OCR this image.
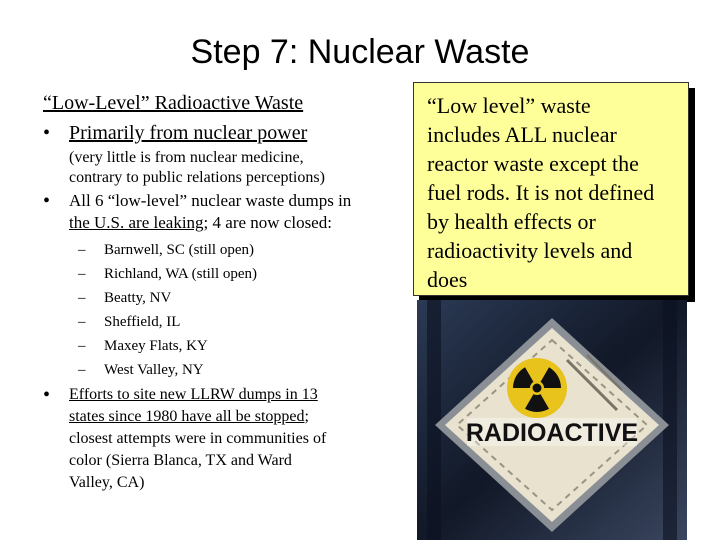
Step 7: Nuclear Waste
“Low-Level” Radioactive Waste
• Primarily from nuclear power
(very little is from nuclear medicine,
contrary to public relations perceptions)
• All 6 “low-level” nuclear waste dumps in
the U.S. are leaking; 4 are now closed:
– Barnwell, SC (still open)
– Richland, WA (still open)
– Beatty, NV
– Sheffield, IL
– Maxey Flats, KY
– West Valley, NY
• Efforts to site new LLRW dumps in 13
states since 1980 have all be stopped;
closest attempts were in communities of
color (Sierra Blanca, TX and Ward
Valley, CA)
“Low level” waste
includes ALL nuclear
reactor waste except the
fuel rods. It is not defined
by health effects or
radioactivity levels and
does
RADIOACTIVE
